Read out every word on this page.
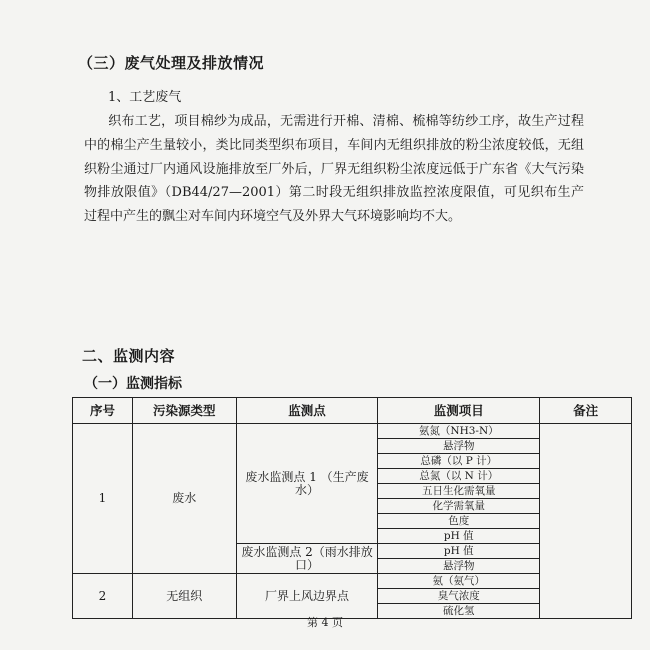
（三）废气处理及排放情况
1、工艺废气
织布工艺，项目棉纱为成品，无需进行开棉、清棉、梳棉等纺纱工序，故生产过程中的棉尘产生量较小，类比同类型织布项目，车间内无组织排放的粉尘浓度较低，无组织粉尘通过厂内通风设施排放至厂外后，厂界无组织粉尘浓度远低于广东省《大气污染物排放限值》（DB44/27—2001）第二时段无组织排放监控浓度限值，可见织布生产过程中产生的飘尘对车间内环境空气及外界大气环境影响均不大。
二、监测内容
（一）监测指标
序号	污染源类型	监测点	监测项目	备注
1	废水	废水监测点 1 （生产废水）	氨氮（NH3-N）	
			悬浮物	
			总磷（以 P 计）	
			总氮（以 N 计）	
			五日生化需氧量	
			化学需氧量	
			色度	
			pH 值	
		废水监测点 2（雨水排放口）	pH 值	
			悬浮物	
2	无组织	厂界上风边界点	氨（氨气）	
			臭气浓度	
			硫化氢	
第 4 页
